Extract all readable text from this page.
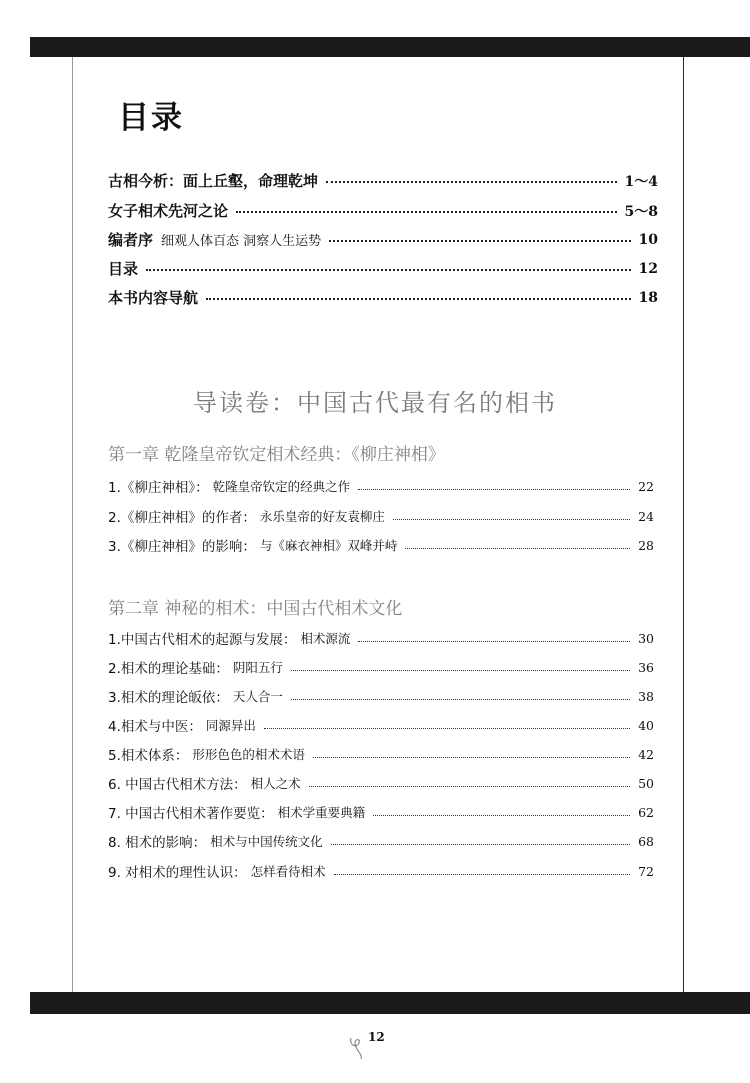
目录
古相今析：面上丘壑，命理乾坤	1～4
女子相术先河之论	5～8
编者序 细观人体百态 洞察人生运势	10
目录	12
本书内容导航	18
导读卷：中国古代最有名的相书
第一章 乾隆皇帝钦定相术经典：《柳庄神相》
1.《柳庄神相》： 乾隆皇帝钦定的经典之作	22
2.《柳庄神相》的作者： 永乐皇帝的好友袁柳庄	24
3.《柳庄神相》的影响： 与《麻衣神相》双峰并峙	28
第二章 神秘的相术：中国古代相术文化
1.中国古代相术的起源与发展： 相术源流	30
2.相术的理论基础： 阴阳五行	36
3.相术的理论皈依： 天人合一	38
4.相术与中医： 同源异出	40
5.相术体系： 形形色色的相术术语	42
6. 中国古代相术方法： 相人之术	50
7. 中国古代相术著作要览： 相术学重要典籍	62
8. 相术的影响： 相术与中国传统文化	68
9. 对相术的理性认识： 怎样看待相术	72
12
